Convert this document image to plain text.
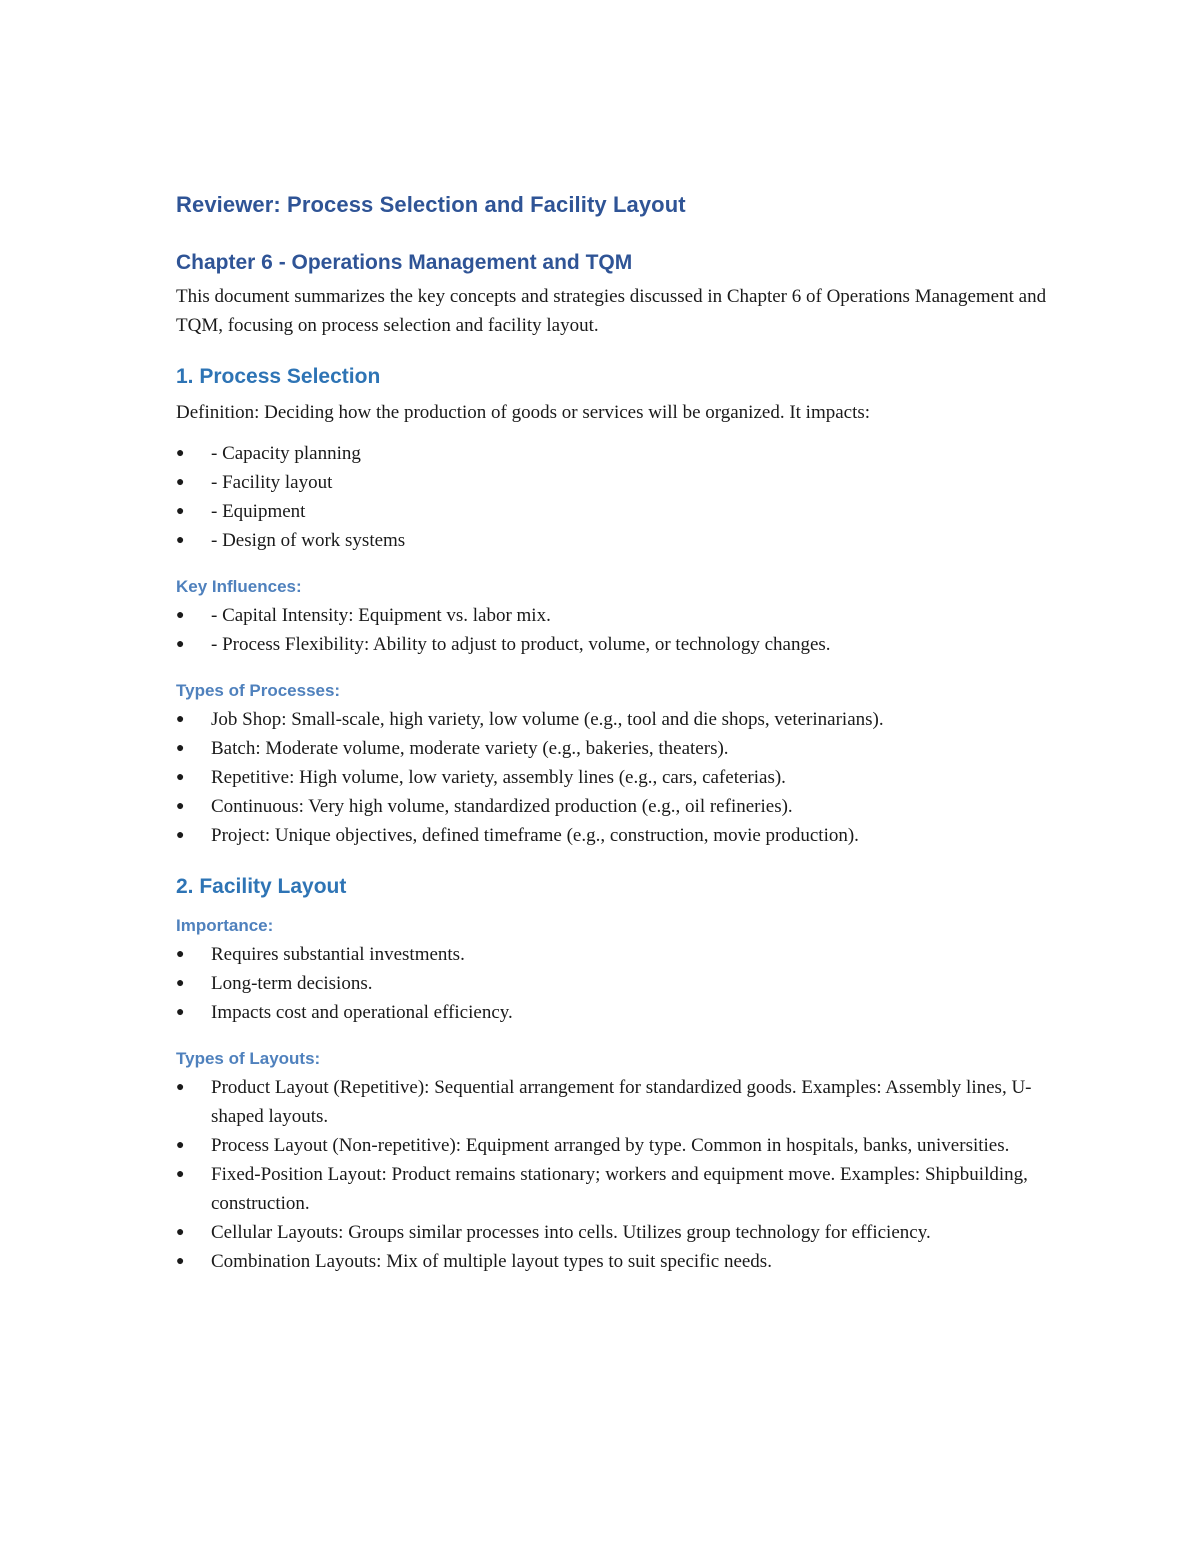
Reviewer: Process Selection and Facility Layout
Chapter 6 - Operations Management and TQM

This document summarizes the key concepts and strategies discussed in Chapter 6 of Operations Management and TQM, focusing on process selection and facility layout.

1. Process Selection

Definition: Deciding how the production of goods or services will be organized. It impacts:

● - Capacity planning
● - Facility layout
● - Equipment
● - Design of work systems
Key Influences:
● - Capital Intensity: Equipment vs. labor mix.
● - Process Flexibility: Ability to adjust to product, volume, or technology changes.
Types of Processes:
● Job Shop: Small-scale, high variety, low volume (e.g., tool and die shops, veterinarians).
● Batch: Moderate volume, moderate variety (e.g., bakeries, theaters).
● Repetitive: High volume, low variety, assembly lines (e.g., cars, cafeterias).
● Continuous: Very high volume, standardized production (e.g., oil refineries).
● Project: Unique objectives, defined timeframe (e.g., construction, movie production).
2. Facility Layout
Importance:
● Requires substantial investments.
● Long-term decisions.
● Impacts cost and operational efficiency.
Types of Layouts:
● Product Layout (Repetitive): Sequential arrangement for standardized goods. Examples: Assembly lines, U-shaped layouts.
● Process Layout (Non-repetitive): Equipment arranged by type. Common in hospitals, banks, universities.
● Fixed-Position Layout: Product remains stationary; workers and equipment move. Examples: Shipbuilding, construction.
● Cellular Layouts: Groups similar processes into cells. Utilizes group technology for efficiency.
● Combination Layouts: Mix of multiple layout types to suit specific needs.
